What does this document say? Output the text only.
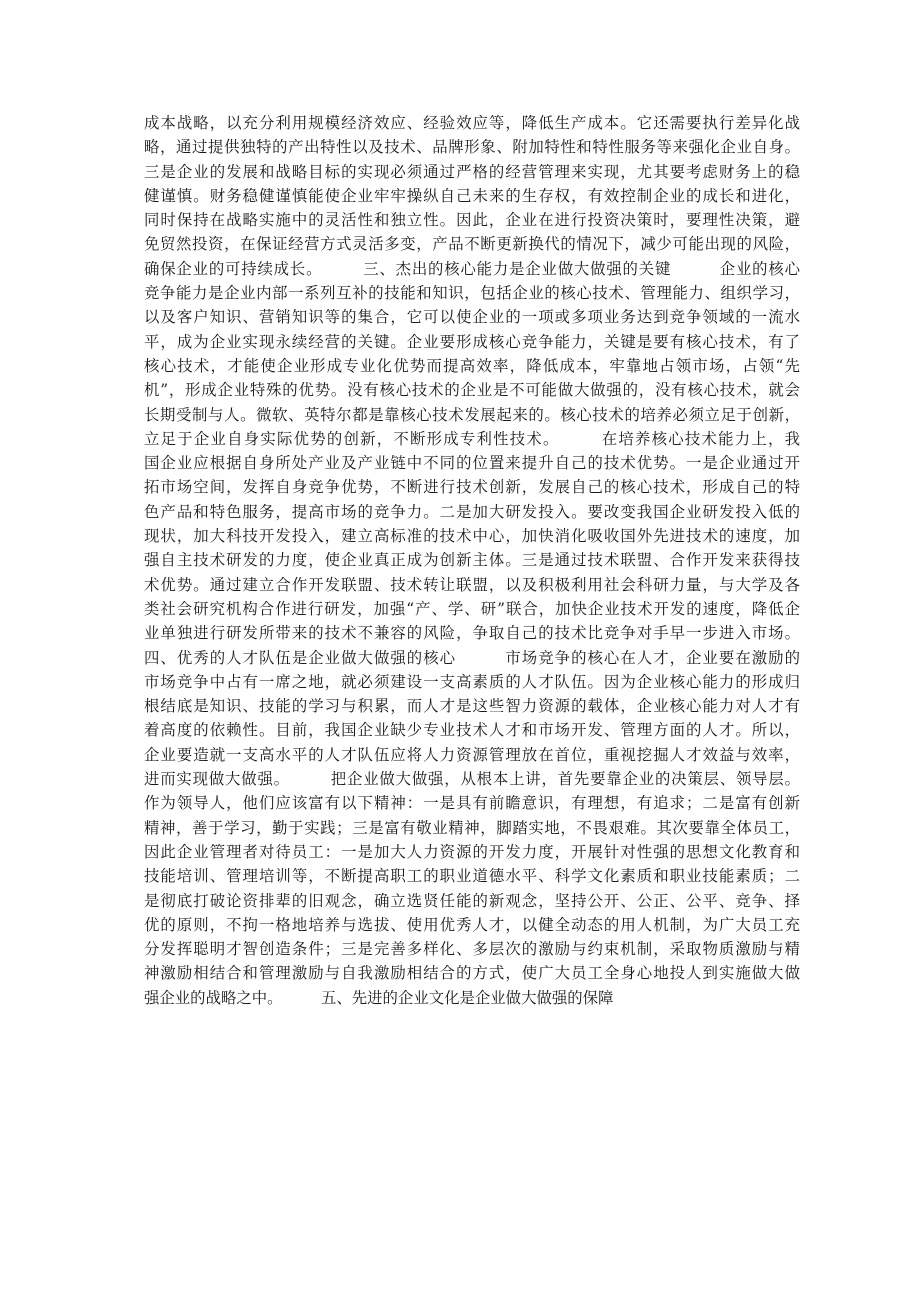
成本战略，以充分利用规模经济效应、经验效应等，降低生产成本。它还需要执行差异化战
略，通过提供独特的产出特性以及技术、品牌形象、附加特性和特性服务等来强化企业自身。
三是企业的发展和战略目标的实现必须通过严格的经营管理来实现，尤其要考虑财务上的稳
健谨慎。财务稳健谨慎能使企业牢牢操纵自己未来的生存权，有效控制企业的成长和进化，
同时保持在战略实施中的灵活性和独立性。因此，企业在进行投资决策时，要理性决策，避
免贸然投资，在保证经营方式灵活多变，产品不断更新换代的情况下，减少可能出现的风险，
确保企业的可持续成长。　　　三、杰出的核心能力是企业做大做强的关键　　　企业的核心
竞争能力是企业内部一系列互补的技能和知识，包括企业的核心技术、管理能力、组织学习，
以及客户知识、营销知识等的集合，它可以使企业的一项或多项业务达到竞争领域的一流水
平，成为企业实现永续经营的关键。企业要形成核心竞争能力，关键是要有核心技术，有了
核心技术，才能使企业形成专业化优势而提高效率，降低成本，牢靠地占领市场，占领“先
机”，形成企业特殊的优势。没有核心技术的企业是不可能做大做强的，没有核心技术，就会
长期受制与人。微软、英特尔都是靠核心技术发展起来的。核心技术的培养必须立足于创新，
立足于企业自身实际优势的创新，不断形成专利性技术。　　　在培养核心技术能力上，我
国企业应根据自身所处产业及产业链中不同的位置来提升自己的技术优势。一是企业通过开
拓市场空间，发挥自身竞争优势，不断进行技术创新，发展自己的核心技术，形成自己的特
色产品和特色服务，提高市场的竞争力。二是加大研发投入。要改变我国企业研发投入低的
现状，加大科技开发投入，建立高标准的技术中心，加快消化吸收国外先进技术的速度，加
强自主技术研发的力度，使企业真正成为创新主体。三是通过技术联盟、合作开发来获得技
术优势。通过建立合作开发联盟、技术转让联盟，以及积极利用社会科研力量，与大学及各
类社会研究机构合作进行研发，加强“产、学、研”联合，加快企业技术开发的速度，降低企
业单独进行研发所带来的技术不兼容的风险，争取自己的技术比竞争对手早一步进入市场。
四、优秀的人才队伍是企业做大做强的核心　　　市场竞争的核心在人才，企业要在激励的
市场竞争中占有一席之地，就必须建设一支高素质的人才队伍。因为企业核心能力的形成归
根结底是知识、技能的学习与积累，而人才是这些智力资源的载体，企业核心能力对人才有
着高度的依赖性。目前，我国企业缺少专业技术人才和市场开发、管理方面的人才。所以，
企业要造就一支高水平的人才队伍应将人力资源管理放在首位，重视挖掘人才效益与效率，
进而实现做大做强。　　　把企业做大做强，从根本上讲，首先要靠企业的决策层、领导层。
作为领导人，他们应该富有以下精神：一是具有前瞻意识，有理想，有追求；二是富有创新
精神，善于学习，勤于实践；三是富有敬业精神，脚踏实地，不畏艰难。其次要靠全体员工，
因此企业管理者对待员工：一是加大人力资源的开发力度，开展针对性强的思想文化教育和
技能培训、管理培训等，不断提高职工的职业道德水平、科学文化素质和职业技能素质；二
是彻底打破论资排辈的旧观念，确立选贤任能的新观念，坚持公开、公正、公平、竞争、择
优的原则，不拘一格地培养与选拔、使用优秀人才，以健全动态的用人机制，为广大员工充
分发挥聪明才智创造条件；三是完善多样化、多层次的激励与约束机制，采取物质激励与精
神激励相结合和管理激励与自我激励相结合的方式，使广大员工全身心地投人到实施做大做
强企业的战略之中。　　　五、先进的企业文化是企业做大做强的保障
